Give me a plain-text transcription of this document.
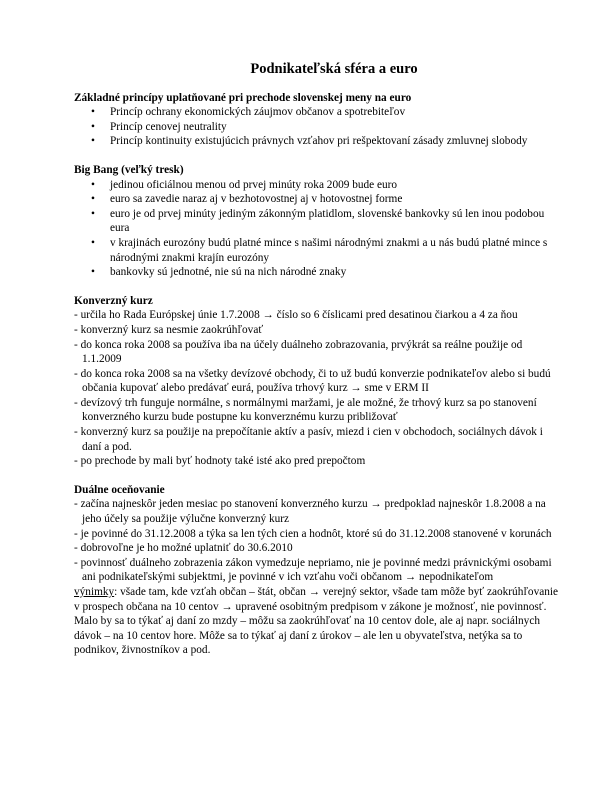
Podnikateľská sféra a euro
Základné princípy uplatňované pri prechode slovenskej meny na euro
• Princíp ochrany ekonomických záujmov občanov a spotrebiteľov
• Princíp cenovej neutrality
• Princíp kontinuity existujúcich právnych vzťahov pri rešpektovaní zásady zmluvnej slobody
Big Bang (veľký tresk)
• jedinou oficiálnou menou od prvej minúty roka 2009 bude euro
• euro sa zavedie naraz aj v bezhotovostnej aj v hotovostnej forme
• euro je od prvej minúty jediným zákonným platidlom, slovenské bankovky sú len inou podobou eura
• v krajinách eurozóny budú platné mince s našimi národnými znakmi a u nás budú platné mince s národnými znakmi krajín eurozóny
• bankovky sú jednotné, nie sú na nich národné znaky
Konverzný kurz
- určila ho Rada Európskej únie 1.7.2008 → číslo so 6 číslicami pred desatinou čiarkou a 4 za ňou
- konverzný kurz sa nesmie zaokrúhľovať
- do konca roka 2008 sa používa iba na účely duálneho zobrazovania, prvýkrát sa reálne použije od 1.1.2009
- do konca roka 2008 sa na všetky devízové obchody, či to už budú konverzie podnikateľov alebo si budú občania kupovať alebo predávať eurá, používa trhový kurz → sme v ERM II
- devízový trh funguje normálne, s normálnymi maržami, je ale možné, že trhový kurz sa po stanovení konverzného kurzu bude postupne ku konverznému kurzu približovať
- konverzný kurz sa použije na prepočítanie aktív a pasív, miezd i cien v obchodoch, sociálnych dávok i daní a pod.
- po prechode by mali byť hodnoty také isté ako pred prepočtom
Duálne oceňovanie
- začína najneskôr jeden mesiac po stanovení konverzného kurzu → predpoklad najneskôr 1.8.2008 a na jeho účely sa použije výlučne konverzný kurz
- je povinné do 31.12.2008 a týka sa len tých cien a hodnôt, ktoré sú do 31.12.2008 stanovené v korunách
- dobrovoľne je ho možné uplatniť do 30.6.2010
- povinnosť duálneho zobrazenia zákon vymedzuje nepriamo, nie je povinné medzi právnickými osobami ani podnikateľskými subjektmi, je povinné v ich vzťahu voči občanom → nepodnikateľom
výnimky: všade tam, kde vzťah občan – štát, občan → verejný sektor, všade tam môže byť zaokrúhľovanie v prospech občana na 10 centov → upravené osobitným predpisom v zákone je možnosť, nie povinnosť. Malo by sa to týkať aj daní zo mzdy – môžu sa zaokrúhľovať na 10 centov dole, ale aj napr. sociálnych dávok – na 10 centov hore. Môže sa to týkať aj daní z úrokov – ale len u obyvateľstva, netýka sa to podnikov, živnostníkov a pod.
